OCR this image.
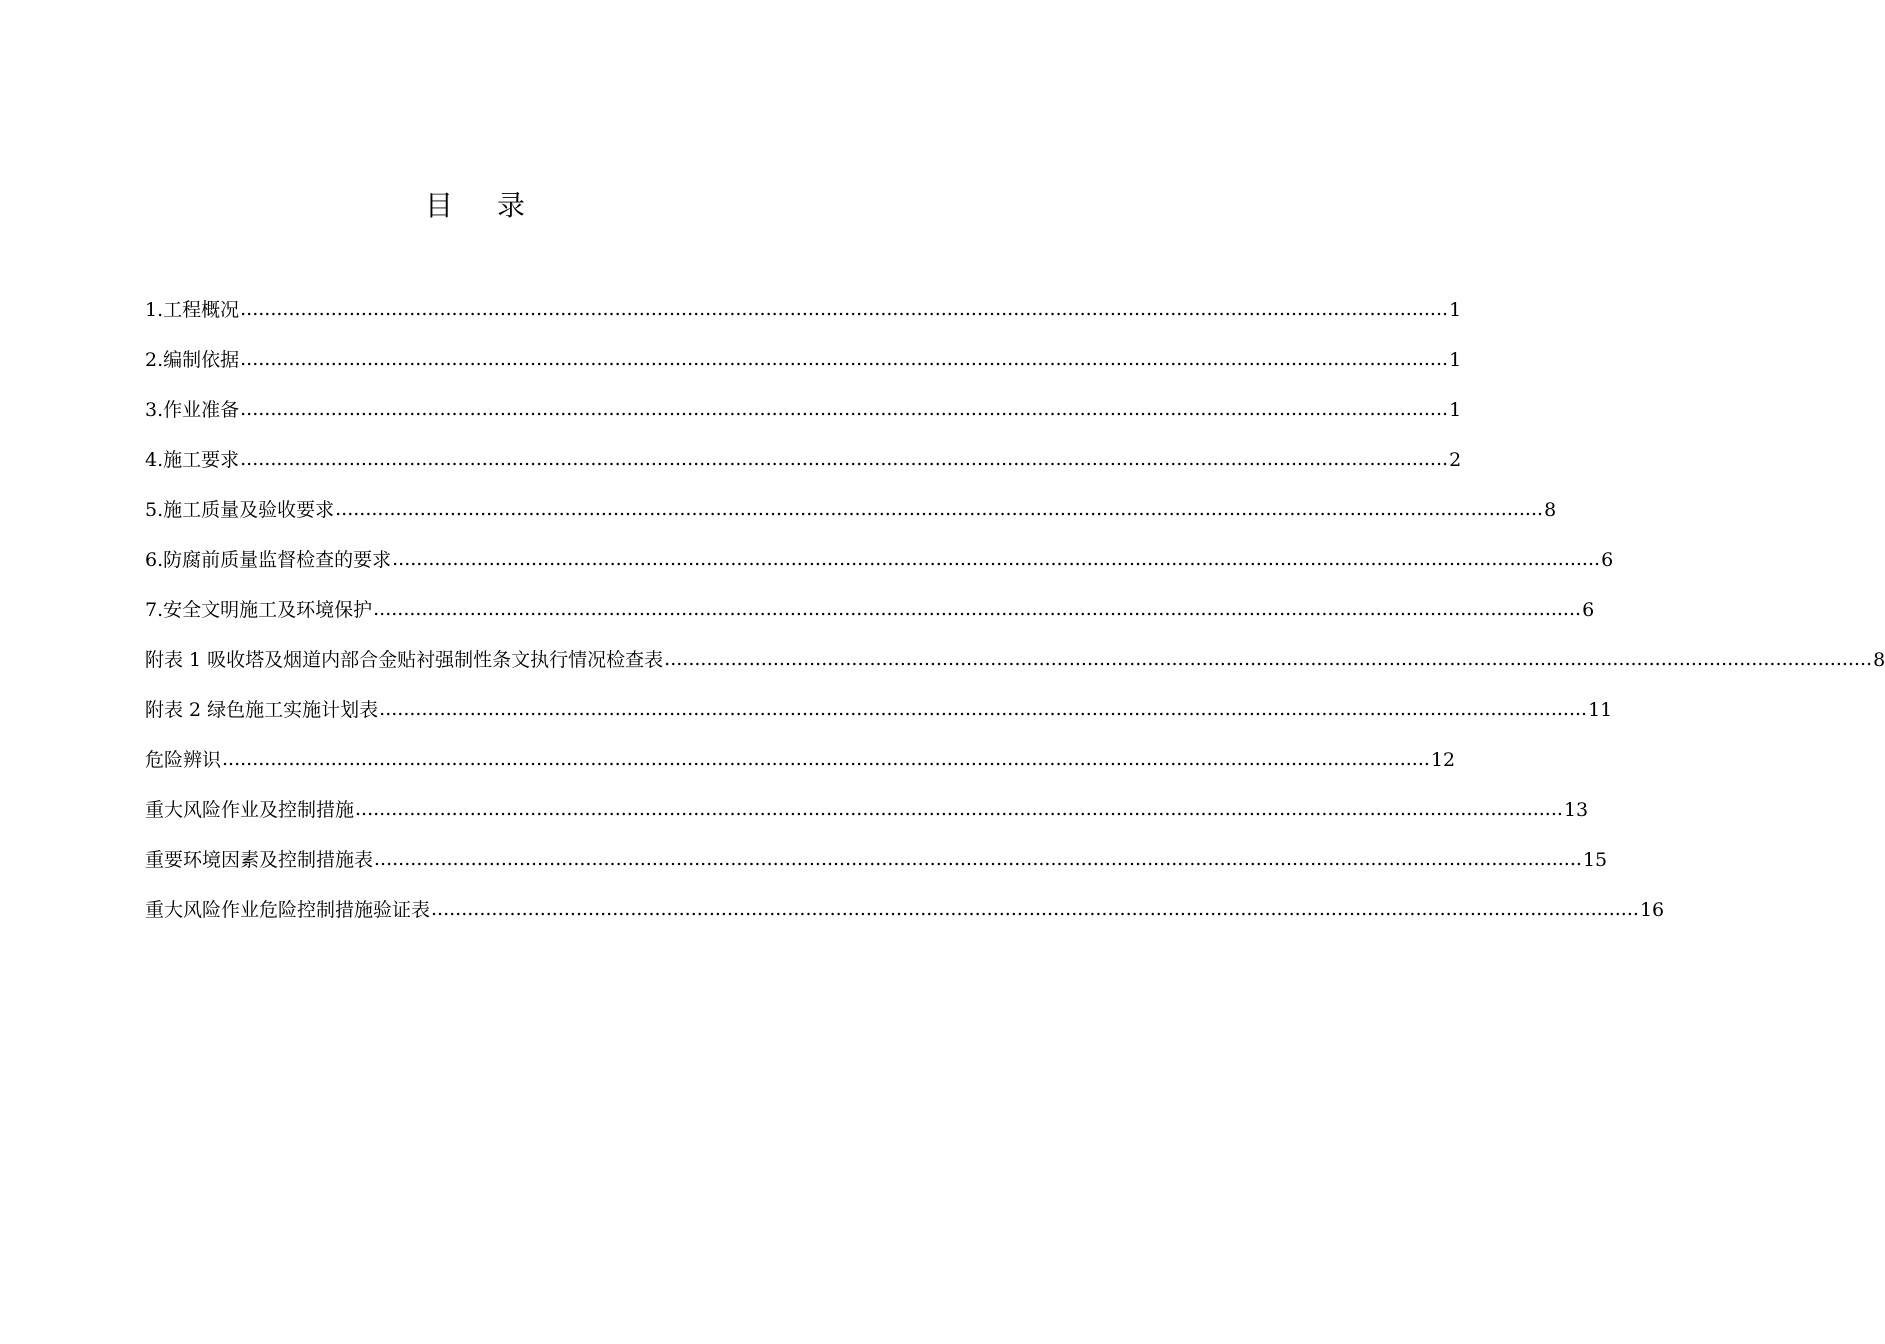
目 录
1.工程概况 ........................................................................................................................................................................................................ 1
2.编制依据 ........................................................................................................................................................................................................ 1
3.作业准备 ........................................................................................................................................................................................................ 1
4.施工要求 ........................................................................................................................................................................................................ 2
5.施工质量及验收要求 ........................................................................................................................................................................................................ 8
6.防腐前质量监督检查的要求 ........................................................................................................................................................................................................ 6
7.安全文明施工及环境保护 ........................................................................................................................................................................................................ 6
附表 1 吸收塔及烟道内部合金贴衬强制性条文执行情况检查表 ........................................................................................................................................................................................................ 8
附表 2 绿色施工实施计划表 ........................................................................................................................................................................................................ 11
危险辨识 ........................................................................................................................................................................................................ 12
重大风险作业及控制措施 ........................................................................................................................................................................................................ 13
重要环境因素及控制措施表 ........................................................................................................................................................................................................ 15
重大风险作业危险控制措施验证表 ........................................................................................................................................................................................................ 16
